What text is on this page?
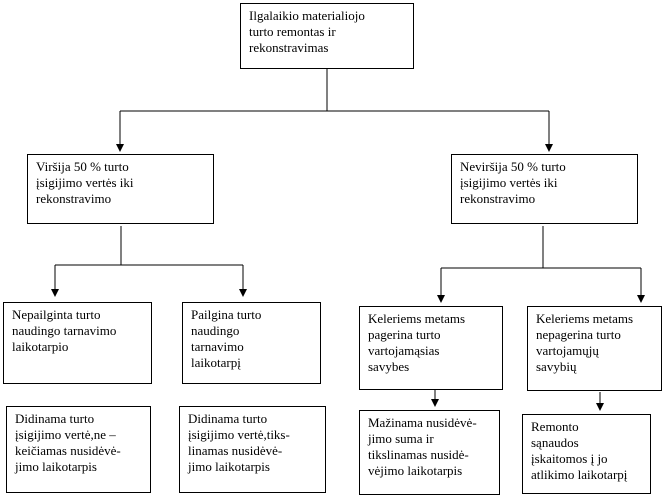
Ilgalaikio materialiojo
turto remontas ir
rekonstravimas
Viršija 50 % turto
įsigijimo vertės iki
rekonstravimo
Neviršija 50 % turto
įsigijimo vertės iki
rekonstravimo
Nepailginta turto
naudingo tarnavimo
laikotarpio
Pailgina turto
naudingo
tarnavimo
laikotarpį
Keleriems metams
pagerina turto
vartojamąsias
savybes
Keleriems metams
nepagerina turto
vartojamųjų
savybių
Didinama turto
įsigijimo vertė,ne –
keičiamas nusidėvė-
jimo laikotarpis
Didinama turto
įsigijimo vertė,tiks-
linamas nusidėvė-
jimo laikotarpis
Mažinama nusidėvė-
jimo suma ir
tikslinamas nusidė-
vėjimo laikotarpis
Remonto
sąnaudos
įskaitomos į jo
atlikimo laikotarpį
